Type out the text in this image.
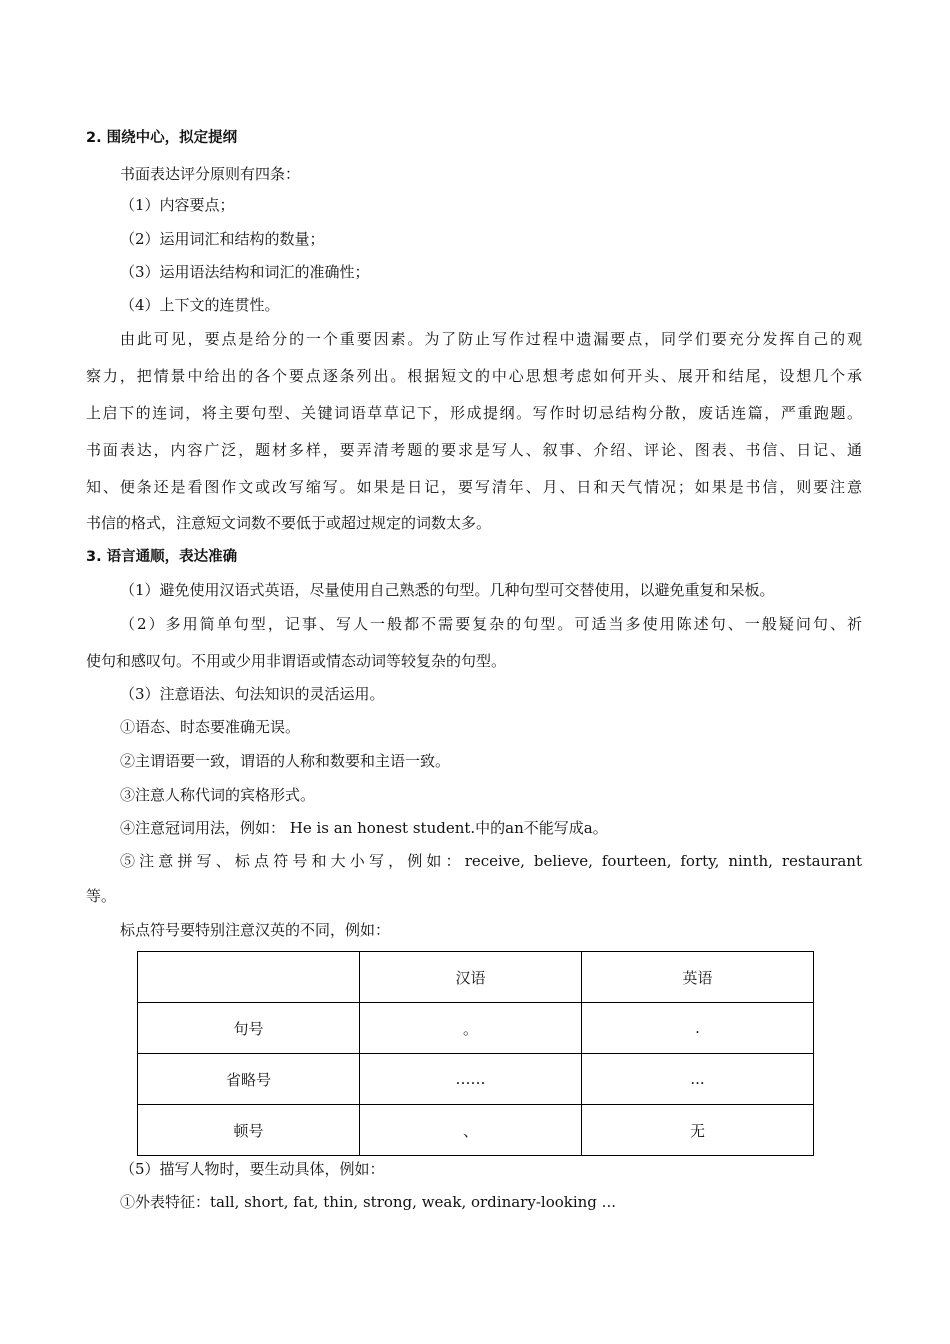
2. 围绕中心，拟定提纲
书面表达评分原则有四条：
（1）内容要点；
（2）运用词汇和结构的数量；
（3）运用语法结构和词汇的准确性；
（4）上下文的连贯性。
由此可见，要点是给分的一个重要因素。为了防止写作过程中遗漏要点，同学们要充分发挥自己的观
察力，把情景中给出的各个要点逐条列出。根据短文的中心思想考虑如何开头、展开和结尾，设想几个承
上启下的连词，将主要句型、关键词语草草记下，形成提纲。写作时切忌结构分散，废话连篇，严重跑题。
书面表达，内容广泛，题材多样，要弄清考题的要求是写人、叙事、介绍、评论、图表、书信、日记、通
知、便条还是看图作文或改写缩写。如果是日记，要写清年、月、日和天气情况；如果是书信，则要注意
书信的格式，注意短文词数不要低于或超过规定的词数太多。
3. 语言通顺，表达准确
（1）避免使用汉语式英语，尽量使用自己熟悉的句型。几种句型可交替使用，以避免重复和呆板。
（2）多用简单句型，记事、写人一般都不需要复杂的句型。可适当多使用陈述句、一般疑问句、祈
使句和感叹句。不用或少用非谓语或情态动词等较复杂的句型。
（3）注意语法、句法知识的灵活运用。
①语态、时态要准确无误。
②主谓语要一致，谓语的人称和数要和主语一致。
③注意人称代词的宾格形式。
④注意冠词用法，例如： He is an honest student.中的an不能写成a。
⑤注意拼写、标点符号和大小写，例如：receive, believe, fourteen, forty, ninth, restaurant
等。
标点符号要特别注意汉英的不同，例如：
	汉语	英语
句号	。	.
省略号	……	...
顿号	、	无
（5）描写人物时，要生动具体，例如：
①外表特征：tall, short, fat, thin, strong, weak, ordinary-looking ...
